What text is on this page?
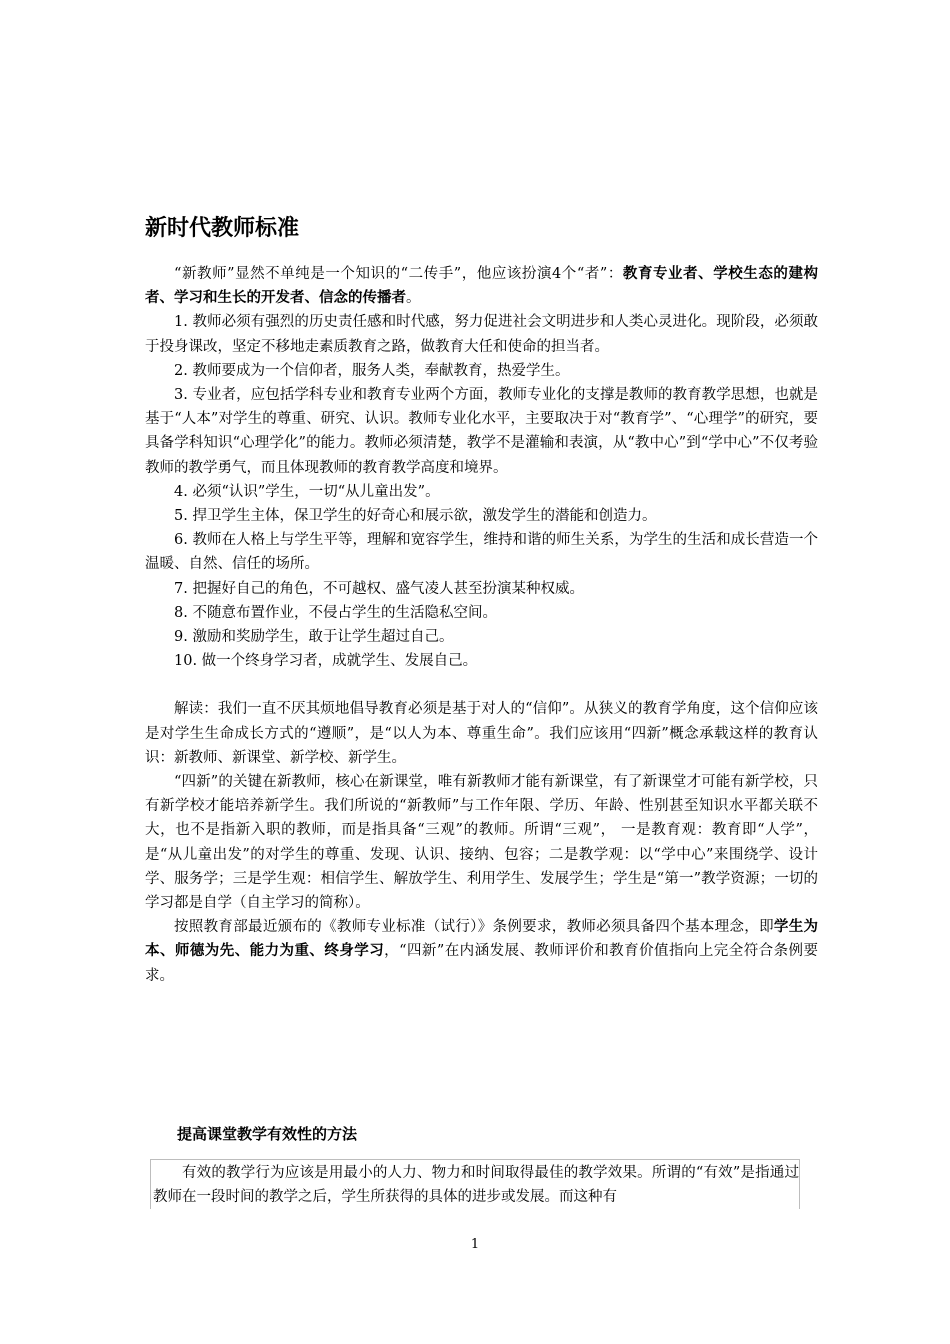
新时代教师标准

“新教师”显然不单纯是一个知识的“二传手”，他应该扮演4个“者”：教育专业者、学校生态的建构者、学习和生长的开发者、信念的传播者。

1. 教师必须有强烈的历史责任感和时代感，努力促进社会文明进步和人类心灵进化。现阶段，必须敢于投身课改，坚定不移地走素质教育之路，做教育大任和使命的担当者。

2. 教师要成为一个信仰者，服务人类，奉献教育，热爱学生。

3. 专业者，应包括学科专业和教育专业两个方面，教师专业化的支撑是教师的教育教学思想，也就是基于“人本”对学生的尊重、研究、认识。教师专业化水平，主要取决于对“教育学”、“心理学”的研究，要具备学科知识“心理学化”的能力。教师必须清楚，教学不是灌输和表演，从“教中心”到“学中心”不仅考验教师的教学勇气，而且体现教师的教育教学高度和境界。

4. 必须“认识”学生，一切“从儿童出发”。

5. 捍卫学生主体，保卫学生的好奇心和展示欲，激发学生的潜能和创造力。

6. 教师在人格上与学生平等，理解和宽容学生，维持和谐的师生关系，为学生的生活和成长营造一个温暖、自然、信任的场所。

7. 把握好自己的角色，不可越权、盛气凌人甚至扮演某种权威。

8. 不随意布置作业，不侵占学生的生活隐私空间。

9. 激励和奖励学生，敢于让学生超过自己。

10. 做一个终身学习者，成就学生、发展自己。

解读：我们一直不厌其烦地倡导教育必须是基于对人的“信仰”。从狭义的教育学角度，这个信仰应该是对学生生命成长方式的“遵顺”，是“以人为本、尊重生命”。我们应该用“四新”概念承载这样的教育认识：新教师、新课堂、新学校、新学生。

“四新”的关键在新教师，核心在新课堂，唯有新教师才能有新课堂，有了新课堂才可能有新学校，只有新学校才能培养新学生。我们所说的“新教师”与工作年限、学历、年龄、性别甚至知识水平都关联不大，也不是指新入职的教师，而是指具备“三观”的教师。所谓“三观”， 一是教育观：教育即“人学”，是“从儿童出发”的对学生的尊重、发现、认识、接纳、包容；二是教学观：以“学中心”来围绕学、设计学、服务学；三是学生观：相信学生、解放学生、利用学生、发展学生；学生是“第一”教学资源；一切的学习都是自学（自主学习的简称）。

按照教育部最近颁布的《教师专业标准（试行）》条例要求，教师必须具备四个基本理念，即学生为本、师德为先、能力为重、终身学习，“四新”在内涵发展、教师评价和教育价值指向上完全符合条例要求。

提高课堂教学有效性的方法

有效的教学行为应该是用最小的人力、物力和时间取得最佳的教学效果。所谓的“有效”是指通过教师在一段时间的教学之后，学生所获得的具体的进步或发展。而这种有

1
